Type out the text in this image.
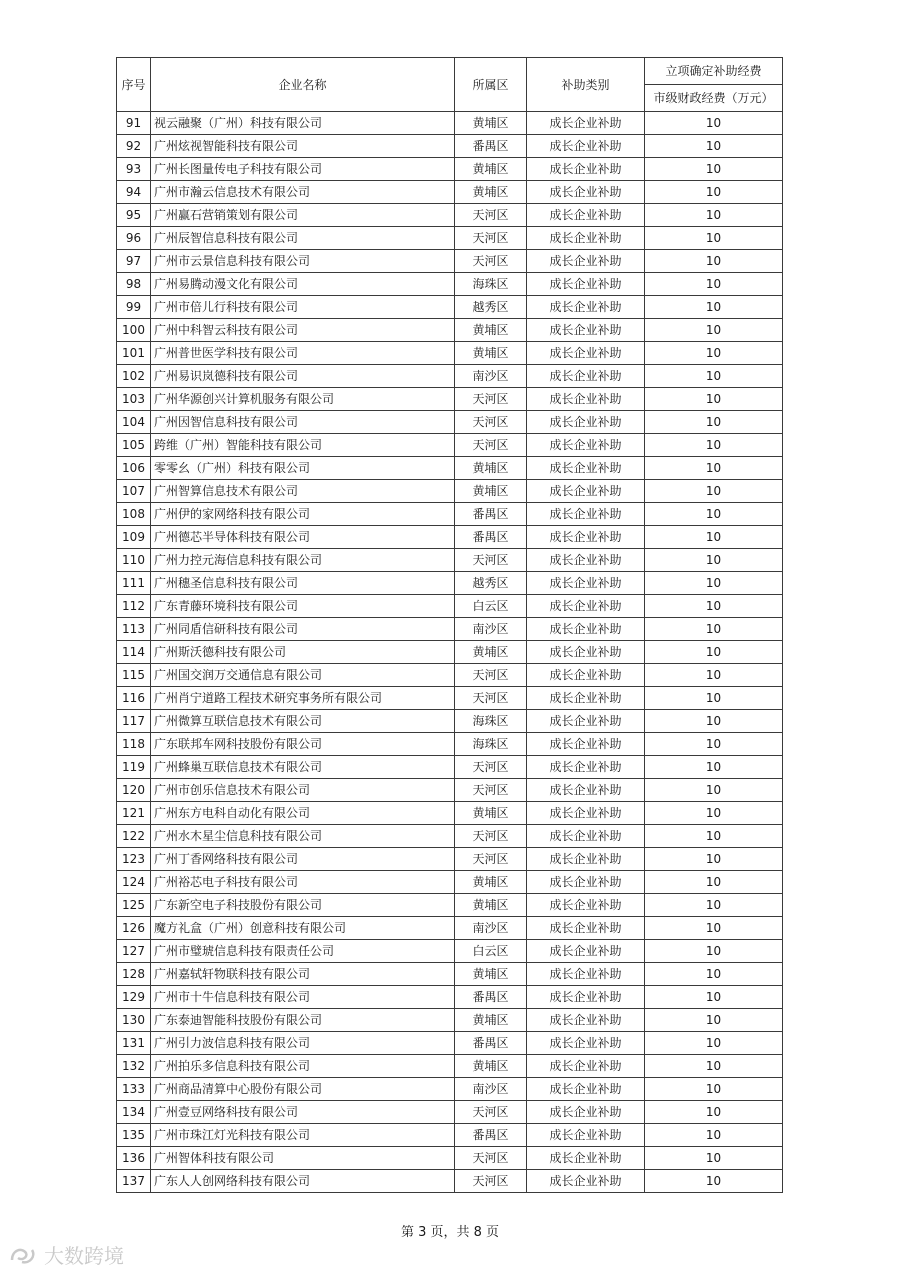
序号	企业名称	所属区	补助类别	立项确定补助经费
				市级财政经费（万元）
91	视云融聚（广州）科技有限公司	黄埔区	成长企业补助	10
92	广州炫视智能科技有限公司	番禺区	成长企业补助	10
93	广州长图量传电子科技有限公司	黄埔区	成长企业补助	10
94	广州市瀚云信息技术有限公司	黄埔区	成长企业补助	10
95	广州赢石营销策划有限公司	天河区	成长企业补助	10
96	广州辰智信息科技有限公司	天河区	成长企业补助	10
97	广州市云景信息科技有限公司	天河区	成长企业补助	10
98	广州易腾动漫文化有限公司	海珠区	成长企业补助	10
99	广州市倍儿行科技有限公司	越秀区	成长企业补助	10
100	广州中科智云科技有限公司	黄埔区	成长企业补助	10
101	广州普世医学科技有限公司	黄埔区	成长企业补助	10
102	广州易识岚德科技有限公司	南沙区	成长企业补助	10
103	广州华源创兴计算机服务有限公司	天河区	成长企业补助	10
104	广州因智信息科技有限公司	天河区	成长企业补助	10
105	跨维（广州）智能科技有限公司	天河区	成长企业补助	10
106	零零幺（广州）科技有限公司	黄埔区	成长企业补助	10
107	广州智算信息技术有限公司	黄埔区	成长企业补助	10
108	广州伊的家网络科技有限公司	番禺区	成长企业补助	10
109	广州德芯半导体科技有限公司	番禺区	成长企业补助	10
110	广州力控元海信息科技有限公司	天河区	成长企业补助	10
111	广州穗圣信息科技有限公司	越秀区	成长企业补助	10
112	广东青藤环境科技有限公司	白云区	成长企业补助	10
113	广州同盾信研科技有限公司	南沙区	成长企业补助	10
114	广州斯沃德科技有限公司	黄埔区	成长企业补助	10
115	广州国交润万交通信息有限公司	天河区	成长企业补助	10
116	广州肖宁道路工程技术研究事务所有限公司	天河区	成长企业补助	10
117	广州微算互联信息技术有限公司	海珠区	成长企业补助	10
118	广东联邦车网科技股份有限公司	海珠区	成长企业补助	10
119	广州蜂巢互联信息技术有限公司	天河区	成长企业补助	10
120	广州市创乐信息技术有限公司	天河区	成长企业补助	10
121	广州东方电科自动化有限公司	黄埔区	成长企业补助	10
122	广州水木星尘信息科技有限公司	天河区	成长企业补助	10
123	广州丁香网络科技有限公司	天河区	成长企业补助	10
124	广州裕芯电子科技有限公司	黄埔区	成长企业补助	10
125	广东新空电子科技股份有限公司	黄埔区	成长企业补助	10
126	魔方礼盒（广州）创意科技有限公司	南沙区	成长企业补助	10
127	广州市璧琥信息科技有限责任公司	白云区	成长企业补助	10
128	广州嘉轼轩物联科技有限公司	黄埔区	成长企业补助	10
129	广州市十牛信息科技有限公司	番禺区	成长企业补助	10
130	广东泰迪智能科技股份有限公司	黄埔区	成长企业补助	10
131	广州引力波信息科技有限公司	番禺区	成长企业补助	10
132	广州拍乐多信息科技有限公司	黄埔区	成长企业补助	10
133	广州商品清算中心股份有限公司	南沙区	成长企业补助	10
134	广州壹豆网络科技有限公司	天河区	成长企业补助	10
135	广州市珠江灯光科技有限公司	番禺区	成长企业补助	10
136	广州智体科技有限公司	天河区	成长企业补助	10
137	广东人人创网络科技有限公司	天河区	成长企业补助	10
第 3 页，共 8 页
大数跨境
